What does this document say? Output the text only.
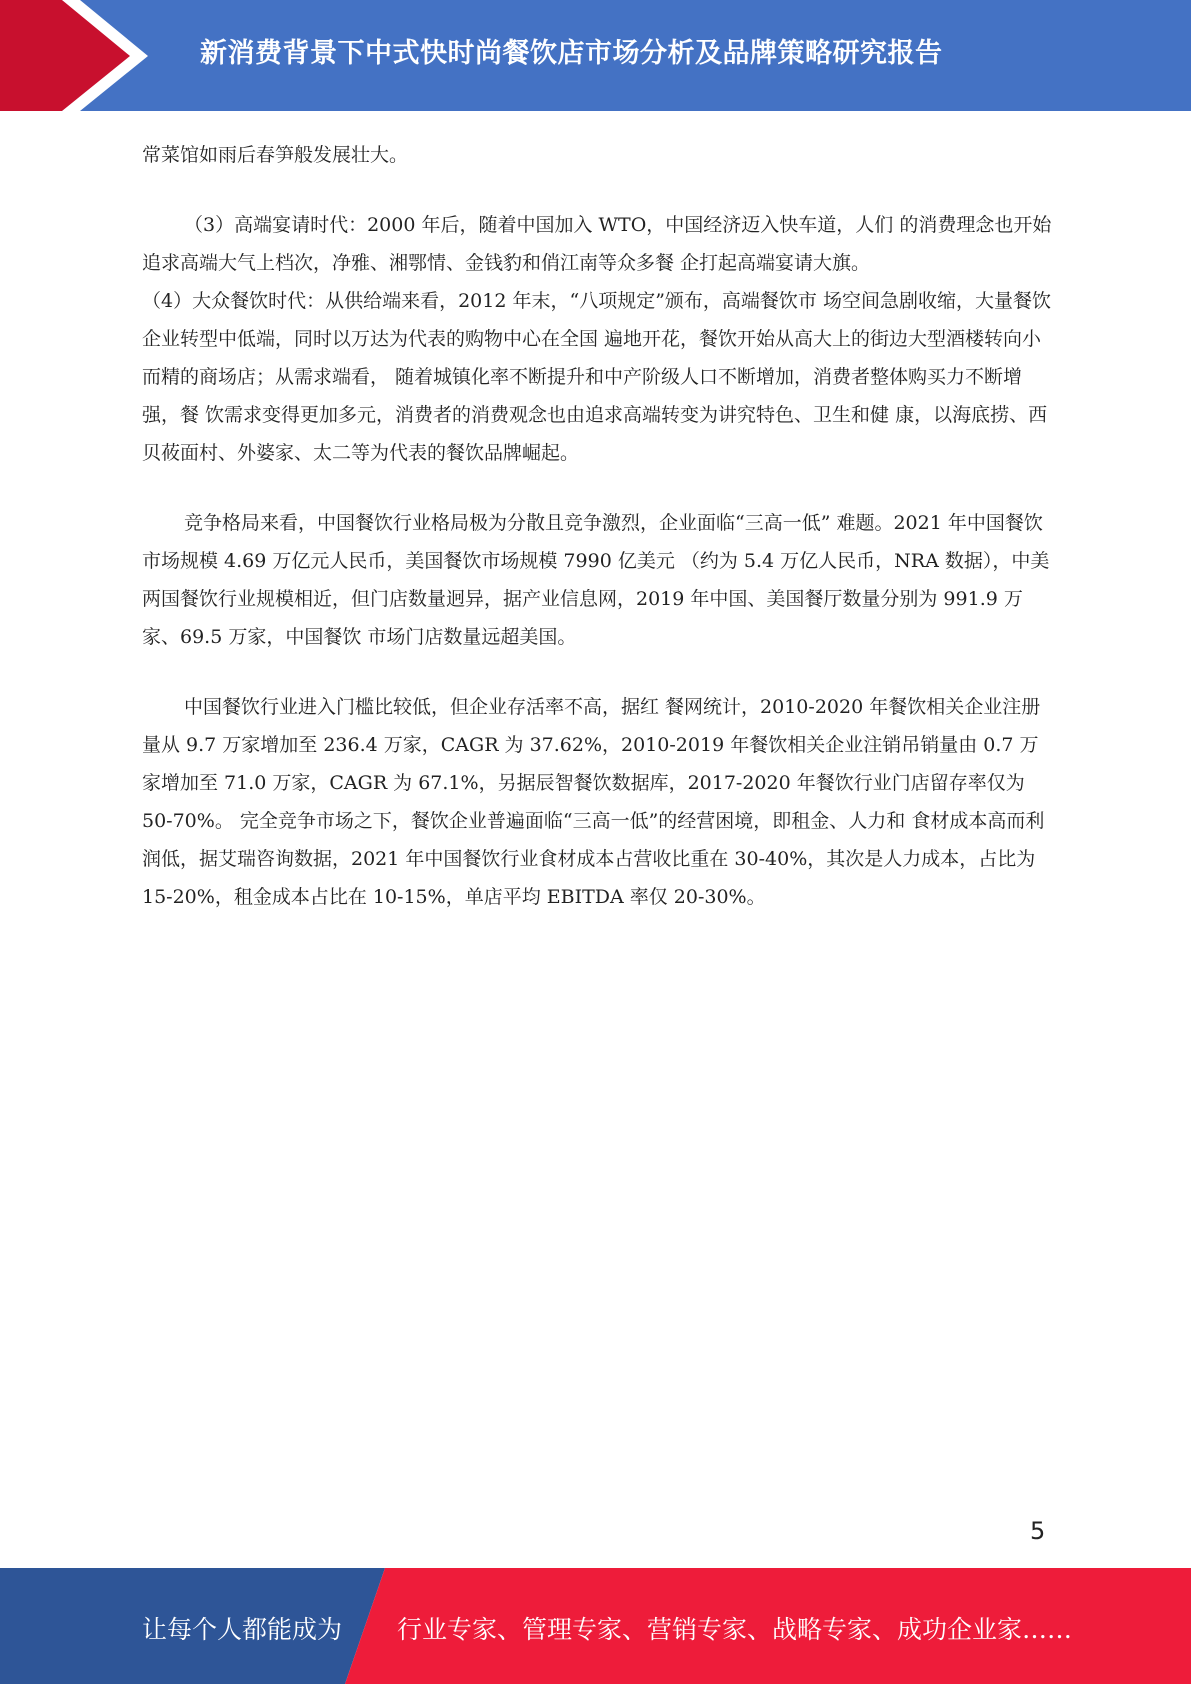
新消费背景下中式快时尚餐饮店市场分析及品牌策略研究报告

常菜馆如雨后春笋般发展壮大。

（3）高端宴请时代：2000 年后，随着中国加入 WTO，中国经济迈入快车道，人们 的消费理念也开始追求高端大气上档次，净雅、湘鄂情、金钱豹和俏江南等众多餐 企打起高端宴请大旗。

（4）大众餐饮时代：从供给端来看，2012 年末，“八项规定”颁布，高端餐饮市 场空间急剧收缩，大量餐饮企业转型中低端，同时以万达为代表的购物中心在全国 遍地开花，餐饮开始从高大上的街边大型酒楼转向小而精的商场店；从需求端看， 随着城镇化率不断提升和中产阶级人口不断增加，消费者整体购买力不断增强，餐 饮需求变得更加多元，消费者的消费观念也由追求高端转变为讲究特色、卫生和健 康，以海底捞、西贝莜面村、外婆家、太二等为代表的餐饮品牌崛起。

竞争格局来看，中国餐饮行业格局极为分散且竞争激烈，企业面临“三高一低” 难题。2021 年中国餐饮市场规模 4.69 万亿元人民币，美国餐饮市场规模 7990 亿美元 （约为 5.4 万亿人民币，NRA 数据），中美两国餐饮行业规模相近，但门店数量迥异，据产业信息网，2019 年中国、美国餐厅数量分别为 991.9 万家、69.5 万家，中国餐饮 市场门店数量远超美国。

中国餐饮行业进入门槛比较低，但企业存活率不高，据红 餐网统计，2010-2020 年餐饮相关企业注册量从 9.7 万家增加至 236.4 万家，CAGR 为 37.62%，2010-2019 年餐饮相关企业注销吊销量由 0.7 万家增加至 71.0 万家，CAGR 为 67.1%，另据辰智餐饮数据库，2017-2020 年餐饮行业门店留存率仅为 50-70%。 完全竞争市场之下，餐饮企业普遍面临“三高一低”的经营困境，即租金、人力和 食材成本高而利润低，据艾瑞咨询数据，2021 年中国餐饮行业食材成本占营收比重在 30-40%，其次是人力成本，占比为 15-20%，租金成本占比在 10-15%，单店平均 EBITDA 率仅 20-30%。

5
让每个人都能成为 行业专家、管理专家、营销专家、战略专家、成功企业家……
